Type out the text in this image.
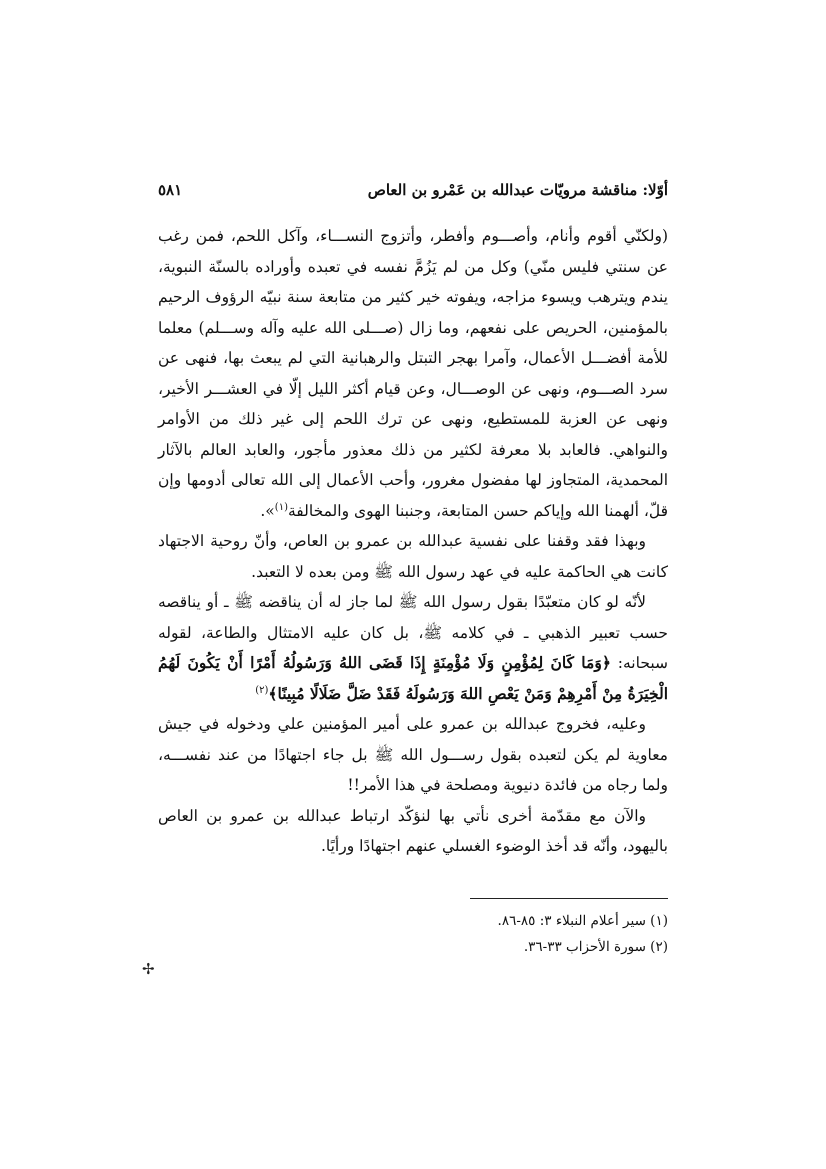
أوّلا: مناقشة مرويّات عبدالله بن عَمْرو بن العاص
٥٨١

(ولكنّي أقوم وأنام، وأصـــوم وأفطر، وأتزوج النســـاء، وآكل اللحم، فمن رغب عن سنتي فليس منّي) وكل من لم يَزُمَّ نفسه في تعبده وأوراده بالسنّة النبوية، يندم ويترهب ويسوء مزاجه، ويفوته خير كثير من متابعة سنة نبيّه الرؤوف الرحيم بالمؤمنين، الحريص على نفعهم، وما زال (صـــلى الله عليه وآله وســـلم) معلما للأمة أفضـــل الأعمال، وآمرا بهجر التبتل والرهبانية التي لم يبعث بها، فنهى عن سرد الصـــوم، ونهى عن الوصـــال، وعن قيام أكثر الليل إلّا في العشـــر الأخير، ونهى عن العزبة للمستطيع، ونهى عن ترك اللحم إلى غير ذلك من الأوامر والنواهي. فالعابد بلا معرفة لكثير من ذلك معذور مأجور، والعابد العالم بالآثار المحمدية، المتجاوز لها مفضول مغرور، وأحب الأعمال إلى الله تعالى أدومها وإن قلّ، ألهمنا الله وإياكم حسن المتابعة، وجنبنا الهوى والمخالفة$^{(١)}$».

وبهذا فقد وقفنا على نفسية عبدالله بن عمرو بن العاص، وأنّ روحية الاجتهاد كانت هي الحاكمة عليه في عهد رسول الله ﷺ ومن بعده لا التعبد.

لأنّه لو كان متعبّدًا بقول رسول الله ﷺ لما جاز له أن يناقضه ﷺ ـ أو يناقصه حسب تعبير الذهبي ـ في كلامه ﷺ، بل كان عليه الامتثال والطاعة، لقوله سبحانه: ﴿وَمَا كَانَ لِمُؤْمِنٍ وَلَا مُؤْمِنَةٍ إِذَا قَضَى اللهُ وَرَسُولُهُ أَمْرًا أَنْ يَكُونَ لَهُمُ الْخِيَرَةُ مِنْ أَمْرِهِمْ وَمَنْ يَعْصِ اللهَ وَرَسُولَهُ فَقَدْ ضَلَّ ضَلَالًا مُبِينًا﴾$^{(٢)}$

وعليه، فخروج عبدالله بن عمرو على أمير المؤمنين علي ودخوله في جيش معاوية لم يكن لتعبده بقول رســـول الله ﷺ بل جاء اجتهادًا من عند نفســـه، ولما رجاه من فائدة دنيوية ومصلحة في هذا الأمر!!

والآن مع مقدّمة أخرى نأتي بها لنؤكّد ارتباط عبدالله بن عمرو بن العاص باليهود، وأنّه قد أخذ الوضوء الغسلي عنهم اجتهادًا ورأيًا.

(١) سير أعلام النبلاء ٣: ٨٥-٨٦.
(٢) سورة الأحزاب ٣٣-٣٦.
✢
